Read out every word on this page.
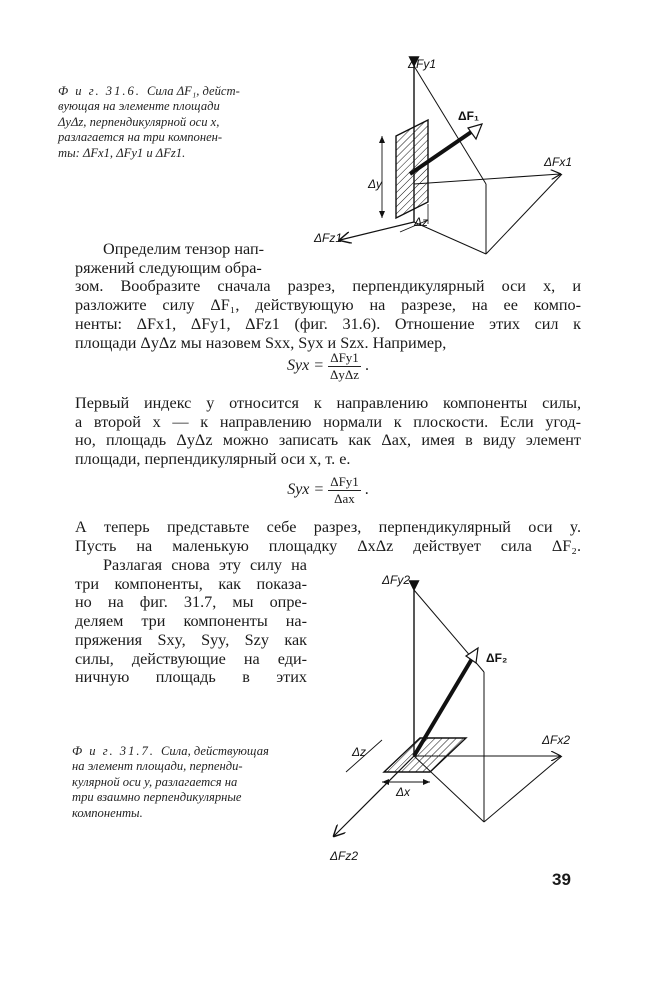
Ф и г. 31.6. Сила ΔF₁, дейст-
вующая на элементе площади
ΔyΔz, перпендикулярной оси x,
разлагается на три компонен-
ты: ΔFx1, ΔFy1 и ΔFz1.
ΔFy1
ΔF₁
ΔFx1
ΔFz1
Δy
Δz
Определим тензор нап-
ряжений следующим обра-
зом. Вообразите сначала разрез, перпендикулярный оси x, и
разложите силу ΔF₁, действующую на разрезе, на ее компо-
ненты: ΔFx1, ΔFy1, ΔFz1 (фиг. 31.6). Отношение этих сил к
площади ΔyΔz мы назовем Sxx, Syx и Szx. Например,
Syx = $\frac{\text{ΔFy1}}{\text{ΔyΔz}}$ .
Первый индекс y относится к направлению компоненты силы,
а второй x — к направлению нормали к плоскости. Если угод-
но, площадь ΔyΔz можно записать как Δax, имея в виду элемент
площади, перпендикулярный оси x, т. е.
Syx = $\frac{\text{ΔFy1}}{\text{Δax}}$ .
А теперь представьте себе разрез, перпендикулярный оси y.
Пусть на маленькую площадку ΔxΔz действует сила ΔF₂.
Разлагая снова эту силу на
три компоненты, как показа-
но на фиг. 31.7, мы опре-
деляем три компоненты на-
пряжения Sxy, Syy, Szy как
силы, действующие на еди-
ничную площадь в этих
Ф и г. 31.7. Сила, действующая
на элемент площади, перпенди-
кулярной оси y, разлагается на
три взаимно перпендикулярные
компоненты.
ΔFy2
ΔF₂
ΔFx2
ΔFz2
Δz
Δx
39
